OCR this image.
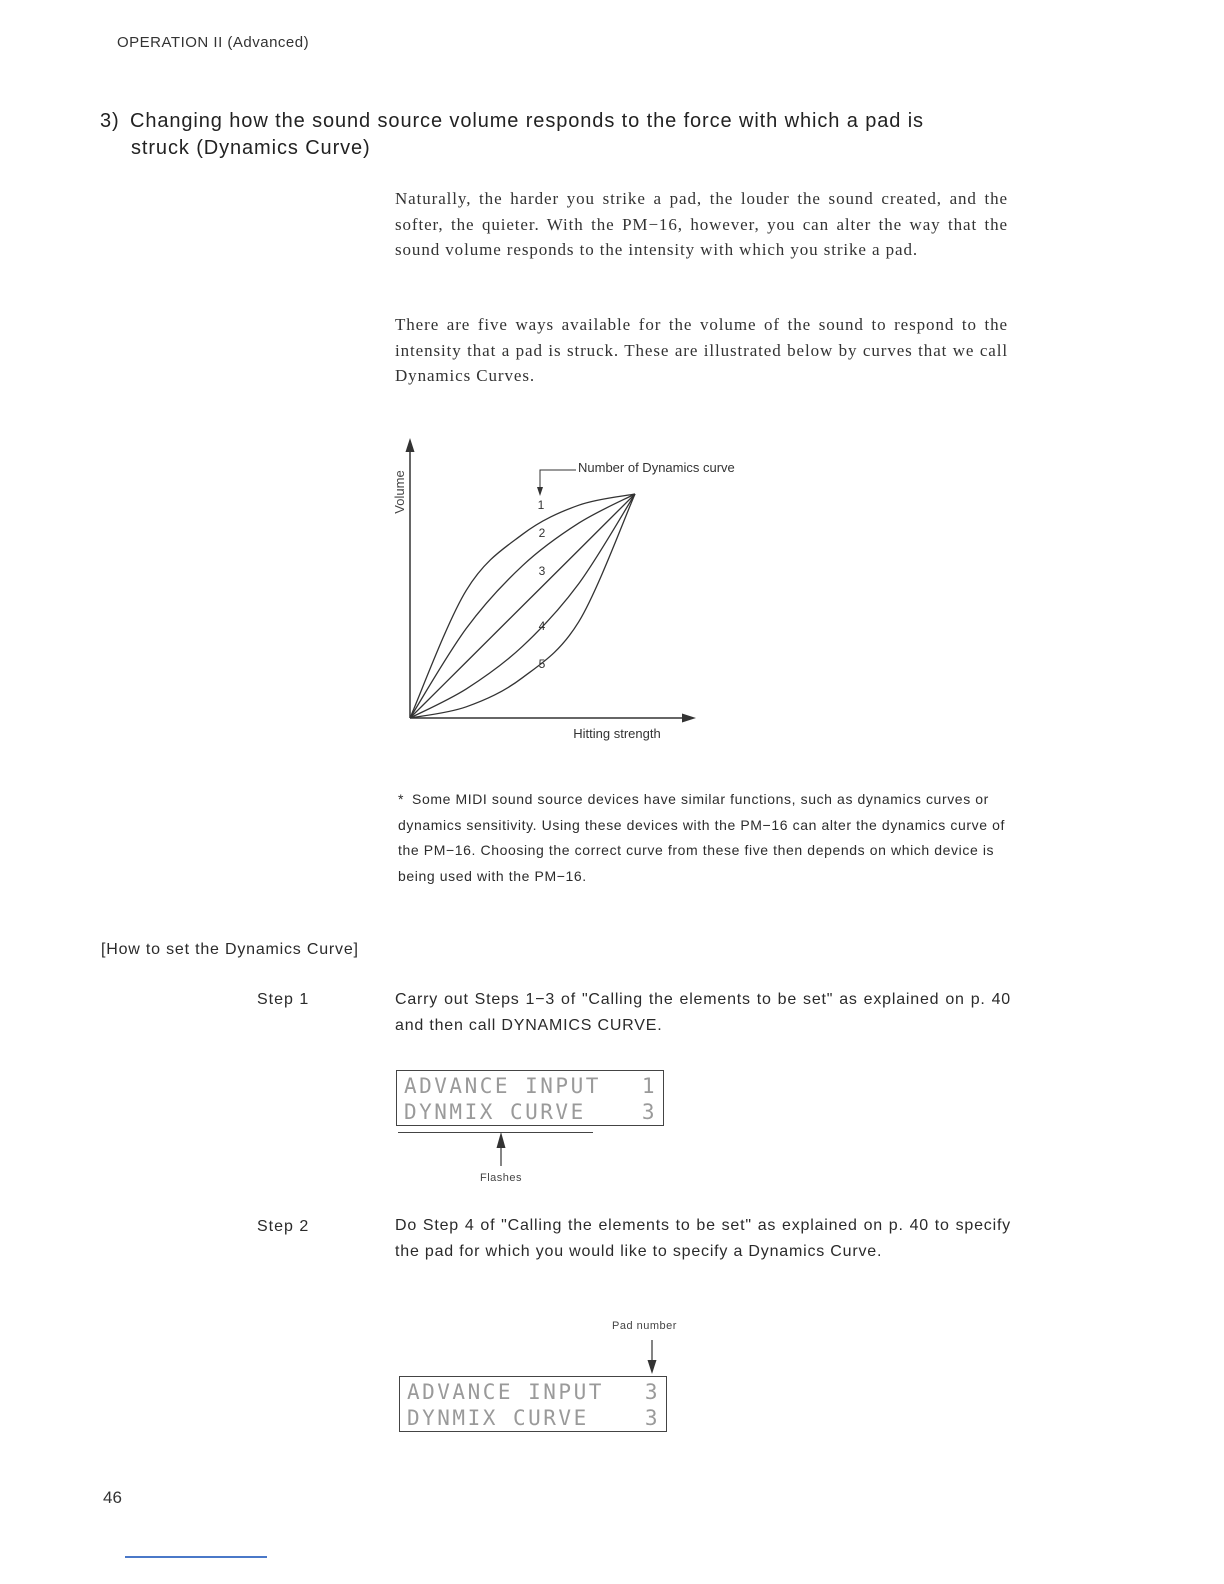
OPERATION II (Advanced)
3) Changing how the sound source volume responds to the force with which a pad is
struck (Dynamics Curve)
Naturally, the harder you strike a pad, the louder the sound created, and the softer, the quieter. With the PM−16, however, you can alter the way that the sound volume responds to the intensity with which you strike a pad.
There are five ways available for the volume of the sound to respond to the intensity that a pad is struck. These are illustrated below by curves that we call Dynamics Curves.
Volume
Hitting strength
Number of Dynamics curve
1
2
3
4
5
* Some MIDI sound source devices have similar functions, such as dynamics curves or dynamics sensitivity. Using these devices with the PM−16 can alter the dynamics curve of the PM−16. Choosing the correct curve from these five then depends on which device is being used with the PM−16.
[How to set the Dynamics Curve]
Step 1	Carry out Steps 1−3 of "Calling the elements to be set" as explained on p. 40 and then call DYNAMICS CURVE.
ADVANCE INPUT 1
DYNMIX CURVE	3
Flashes
Step 2	Do Step 4 of "Calling the elements to be set" as explained on p. 40 to specify the pad for which you would like to specify a Dynamics Curve.
Pad number
ADVANCE INPUT 3
DYNMIX CURVE	3
46
